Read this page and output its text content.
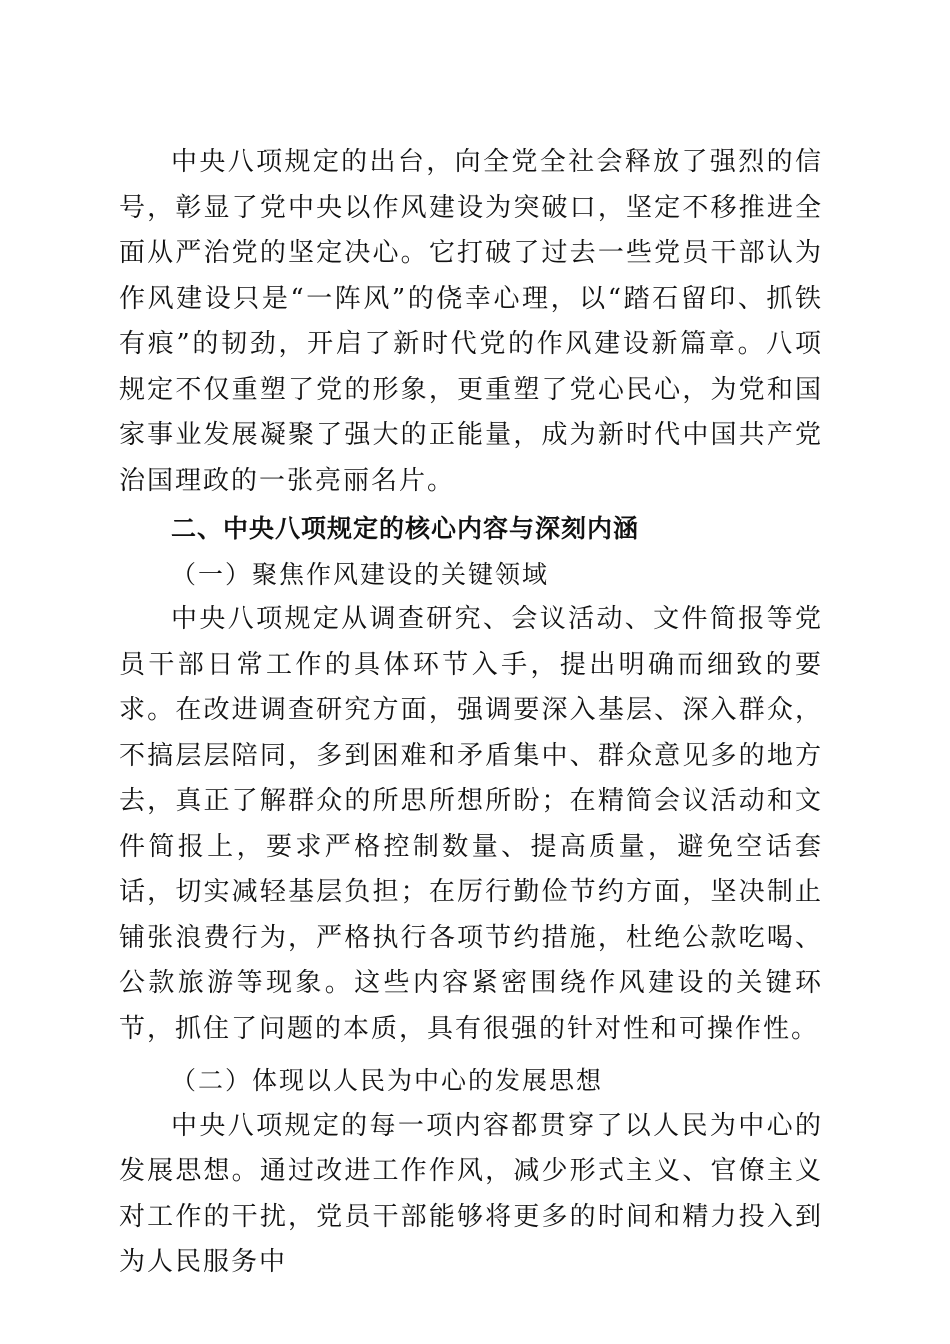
中央八项规定的出台，向全党全社会释放了强烈的信号，彰显了党中央以作风建设为突破口，坚定不移推进全面从严治党的坚定决心。它打破了过去一些党员干部认为作风建设只是“一阵风”的侥幸心理，以“踏石留印、抓铁有痕”的韧劲，开启了新时代党的作风建设新篇章。八项规定不仅重塑了党的形象，更重塑了党心民心，为党和国家事业发展凝聚了强大的正能量，成为新时代中国共产党治国理政的一张亮丽名片。

二、中央八项规定的核心内容与深刻内涵

（一）聚焦作风建设的关键领域

中央八项规定从调查研究、会议活动、文件简报等党员干部日常工作的具体环节入手，提出明确而细致的要求。在改进调查研究方面，强调要深入基层、深入群众，不搞层层陪同，多到困难和矛盾集中、群众意见多的地方去，真正了解群众的所思所想所盼；在精简会议活动和文件简报上，要求严格控制数量、提高质量，避免空话套话，切实减轻基层负担；在厉行勤俭节约方面，坚决制止铺张浪费行为，严格执行各项节约措施，杜绝公款吃喝、公款旅游等现象。这些内容紧密围绕作风建设的关键环节，抓住了问题的本质，具有很强的针对性和可操作性。

（二）体现以人民为中心的发展思想

中央八项规定的每一项内容都贯穿了以人民为中心的发展思想。通过改进工作作风，减少形式主义、官僚主义对工作的干扰，党员干部能够将更多的时间和精力投入到为人民服务中
